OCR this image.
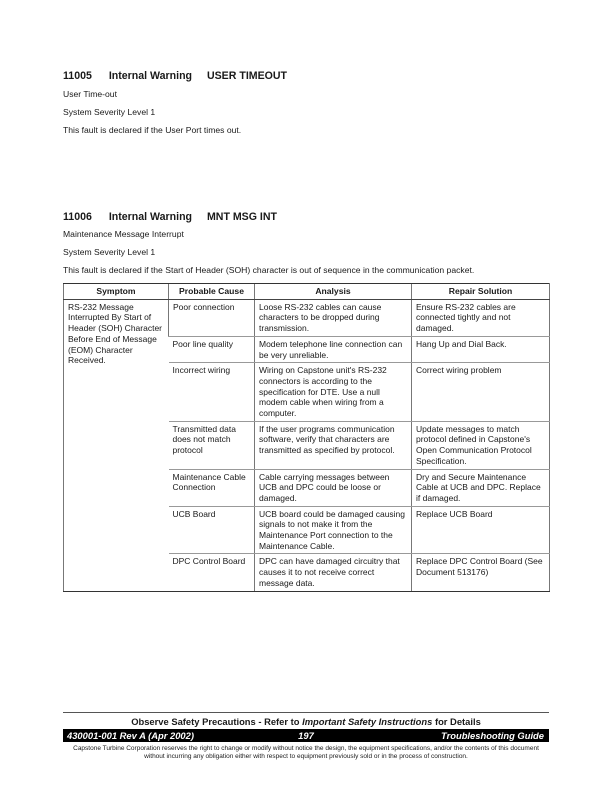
11005 Internal Warning USER TIMEOUT

User Time-out

System Severity Level 1

This fault is declared if the User Port times out.

11006 Internal Warning MNT MSG INT

Maintenance Message Interrupt

System Severity Level 1

This fault is declared if the Start of Header (SOH) character is out of sequence in the communication packet.

Symptom	Probable Cause	Analysis	Repair Solution
RS-232 Message Interrupted By Start of Header (SOH) Character Before End of Message (EOM) Character Received.	Poor connection	Loose RS-232 cables can cause characters to be dropped during transmission.	Ensure RS-232 cables are connected tightly and not damaged.
	Poor line quality	Modem telephone line connection can be very unreliable.	Hang Up and Dial Back.
	Incorrect wiring	Wiring on Capstone unit's RS-232 connectors is according to the specification for DTE. Use a null modem cable when wiring from a computer.	Correct wiring problem
	Transmitted data does not match protocol	If the user programs communication software, verify that characters are transmitted as specified by protocol.	Update messages to match protocol defined in Capstone's Open Communication Protocol Specification.
	Maintenance Cable Connection	Cable carrying messages between UCB and DPC could be loose or damaged.	Dry and Secure Maintenance Cable at UCB and DPC. Replace if damaged.
	UCB Board	UCB board could be damaged causing signals to not make it from the Maintenance Port connection to the Maintenance Cable.	Replace UCB Board
	DPC Control Board	DPC can have damaged circuitry that causes it to not receive correct message data.	Replace DPC Control Board (See Document 513176)
Observe Safety Precautions - Refer to Important Safety Instructions for Details
430001-001 Rev A (Apr 2002)	197	Troubleshooting Guide
Capstone Turbine Corporation reserves the right to change or modify without notice the design, the equipment specifications, and/or the contents of this document without incurring any obligation either with respect to equipment previously sold or in the process of construction.
